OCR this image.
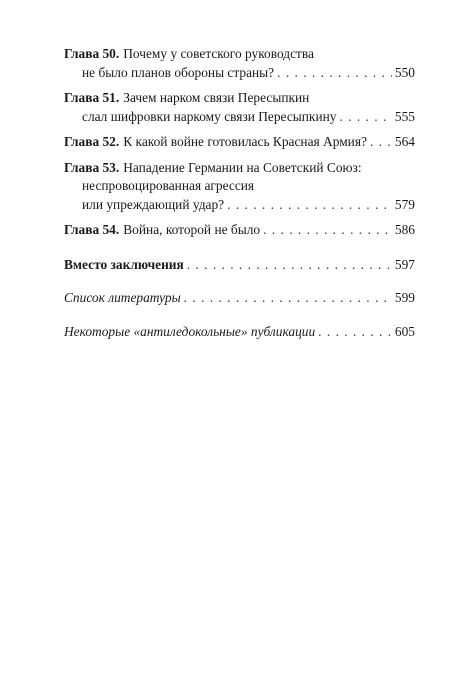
Глава 50. Почему у советского руководства
не было планов обороны страны? . . .	550
Глава 51. Зачем нарком связи Пересыпкин
слал шифровки наркому связи Пересыпкину . . .	555
Глава 52. К какой войне готовилась Красная Армия? . . . 564
Глава 53. Нападение Германии на Советский Союз:
неспровоцированная агрессия
или упреждающий удар? . . .	579
Глава 54. Война, которой не было . . .	586
Вместо заключения . . .	597
Список литературы . . .	599
Некоторые «антиледокольные» публикации . . .	605
